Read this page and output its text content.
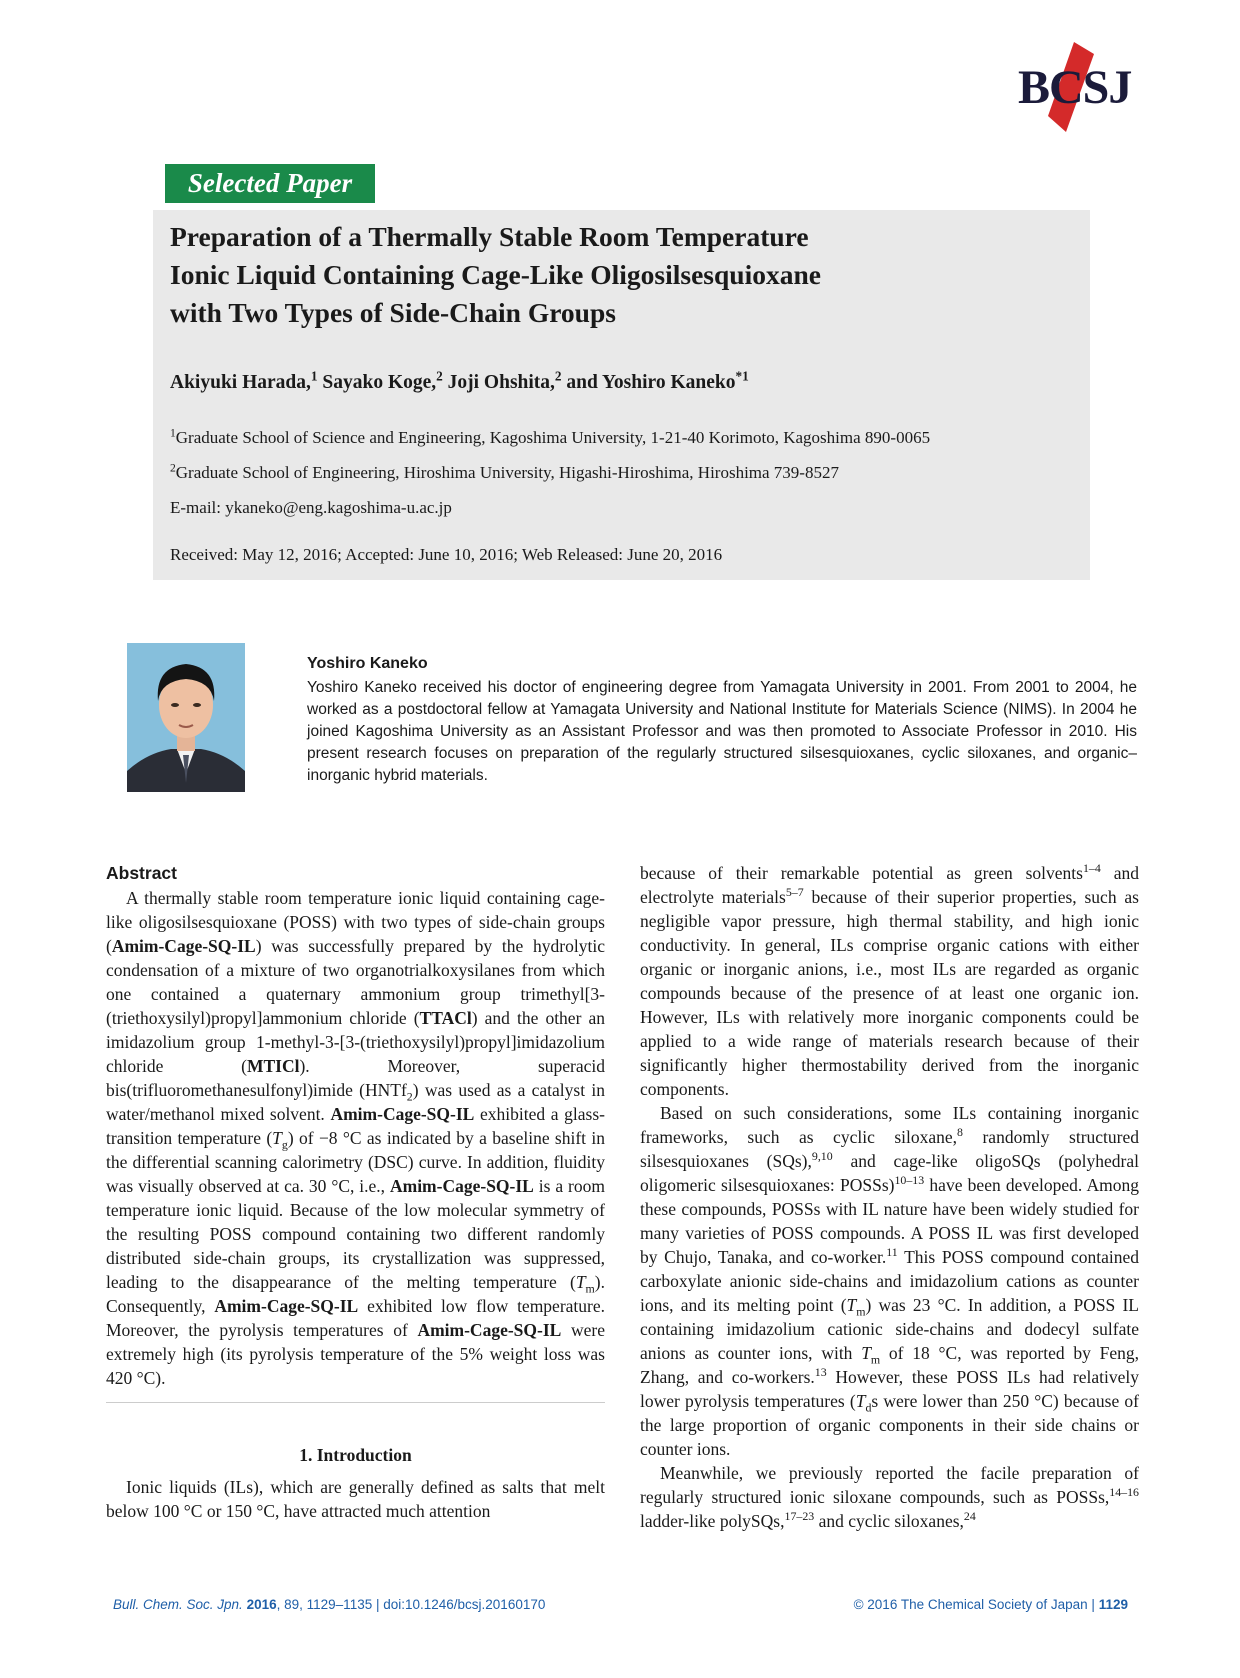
BCSJ
Selected Paper
Preparation of a Thermally Stable Room Temperature
Ionic Liquid Containing Cage-Like Oligosilsesquioxane
with Two Types of Side-Chain Groups
Akiyuki Harada,$^1$ Sayako Koge,$^2$ Joji Ohshita,$^2$ and Yoshiro Kaneko$^{*1}$
$^1$Graduate School of Science and Engineering, Kagoshima University, 1-21-40 Korimoto, Kagoshima 890-0065
$^2$Graduate School of Engineering, Hiroshima University, Higashi-Hiroshima, Hiroshima 739-8527
E-mail: ykaneko@eng.kagoshima-u.ac.jp
Received: May 12, 2016; Accepted: June 10, 2016; Web Released: June 20, 2016
Yoshiro Kaneko

Yoshiro Kaneko received his doctor of engineering degree from Yamagata University in 2001. From 2001 to 2004, he worked as a postdoctoral fellow at Yamagata University and National Institute for Materials Science (NIMS). In 2004 he joined Kagoshima University as an Assistant Professor and was then promoted to Associate Professor in 2010. His present research focuses on preparation of the regularly structured silsesquioxanes, cyclic siloxanes, and organic–inorganic hybrid materials.

Abstract

A thermally stable room temperature ionic liquid containing cage-like oligosilsesquioxane (POSS) with two types of side-chain groups (Amim-Cage-SQ-IL) was successfully prepared by the hydrolytic condensation of a mixture of two organotrialkoxysilanes from which one contained a quaternary ammonium group trimethyl[3-(triethoxysilyl)propyl]ammonium chloride (TTACl) and the other an imidazolium group 1-methyl-3-[3-(triethoxysilyl)propyl]imidazolium chloride (MTICl). Moreover, superacid bis(trifluoromethanesulfonyl)imide (HNTf$_2$) was used as a catalyst in water/methanol mixed solvent. Amim-Cage-SQ-IL exhibited a glass-transition temperature $(T_g)$ of −8 °C as indicated by a baseline shift in the differential scanning calorimetry (DSC) curve. In addition, fluidity was visually observed at ca. 30 °C, i.e., Amim-Cage-SQ-IL is a room temperature ionic liquid. Because of the low molecular symmetry of the resulting POSS compound containing two different randomly distributed side-chain groups, its crystallization was suppressed, leading to the disappearance of the melting temperature $(T_m)$. Consequently, Amim-Cage-SQ-IL exhibited low flow temperature. Moreover, the pyrolysis temperatures of Amim-Cage-SQ-IL were extremely high (its pyrolysis temperature of the 5% weight loss was 420 °C).

1. Introduction

Ionic liquids (ILs), which are generally defined as salts that melt below 100 °C or 150 °C, have attracted much attention

because of their remarkable potential as green solvents$^{1-4}$ and electrolyte materials$^{5-7}$ because of their superior properties, such as negligible vapor pressure, high thermal stability, and high ionic conductivity. In general, ILs comprise organic cations with either organic or inorganic anions, i.e., most ILs are regarded as organic compounds because of the presence of at least one organic ion. However, ILs with relatively more inorganic components could be applied to a wide range of materials research because of their significantly higher thermostability derived from the inorganic components.

Based on such considerations, some ILs containing inorganic frameworks, such as cyclic siloxane,$^8$ randomly structured silsesquioxanes (SQs),$^{9,10}$ and cage-like oligoSQs (polyhedral oligomeric silsesquioxanes: POSSs)$^{10-13}$ have been developed. Among these compounds, POSSs with IL nature have been widely studied for many varieties of POSS compounds. A POSS IL was first developed by Chujo, Tanaka, and co-worker.$^{11}$ This POSS compound contained carboxylate anionic side-chains and imidazolium cations as counter ions, and its melting point $(T_m)$ was 23 °C. In addition, a POSS IL containing imidazolium cationic side-chains and dodecyl sulfate anions as counter ions, with $T_m$ of 18 °C, was reported by Feng, Zhang, and co-workers.$^{13}$ However, these POSS ILs had relatively lower pyrolysis temperatures ($T_ds$ were lower than 250 °C) because of the large proportion of organic components in their side chains or counter ions.

Meanwhile, we previously reported the facile preparation of regularly structured ionic siloxane compounds, such as POSSs,$^{14-16}$ ladder-like polySQs,$^{17-23}$ and cyclic siloxanes,$^{24}$

Bull. Chem. Soc. Jpn. 2016, 89, 1129–1135 | doi:10.1246/bcsj.20160170	© 2016 The Chemical Society of Japan | 1129
